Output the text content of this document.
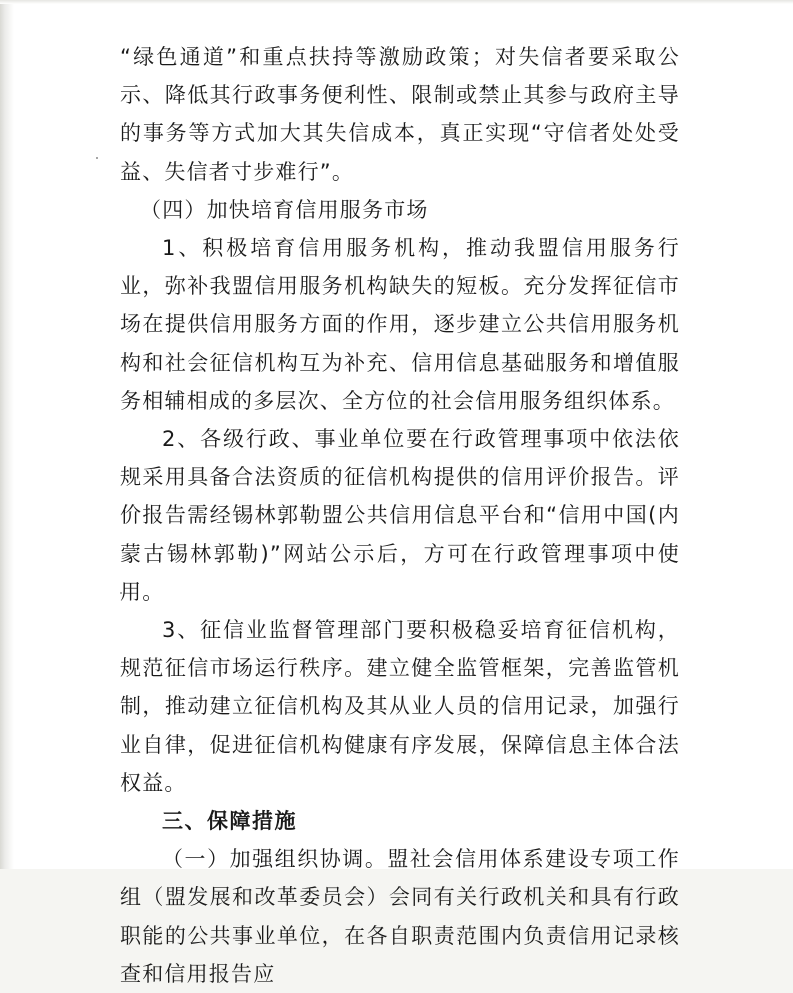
“绿色通道”和重点扶持等激励政策；对失信者要采取公示、降低其行政事务便利性、限制或禁止其参与政府主导的事务等方式加大其失信成本，真正实现“守信者处处受益、失信者寸步难行”。

（四）加快培育信用服务市场

1、积极培育信用服务机构，推动我盟信用服务行业，弥补我盟信用服务机构缺失的短板。充分发挥征信市场在提供信用服务方面的作用，逐步建立公共信用服务机构和社会征信机构互为补充、信用信息基础服务和增值服务相辅相成的多层次、全方位的社会信用服务组织体系。

2、各级行政、事业单位要在行政管理事项中依法依规采用具备合法资质的征信机构提供的信用评价报告。评价报告需经锡林郭勒盟公共信用信息平台和“信用中国(内蒙古锡林郭勒)”网站公示后，方可在行政管理事项中使用。

3、征信业监督管理部门要积极稳妥培育征信机构，规范征信市场运行秩序。建立健全监管框架，完善监管机制，推动建立征信机构及其从业人员的信用记录，加强行业自律，促进征信机构健康有序发展，保障信息主体合法权益。

三、保障措施

（一）加强组织协调。盟社会信用体系建设专项工作组（盟发展和改革委员会）会同有关行政机关和具有行政职能的公共事业单位，在各自职责范围内负责信用记录核查和信用报告应
